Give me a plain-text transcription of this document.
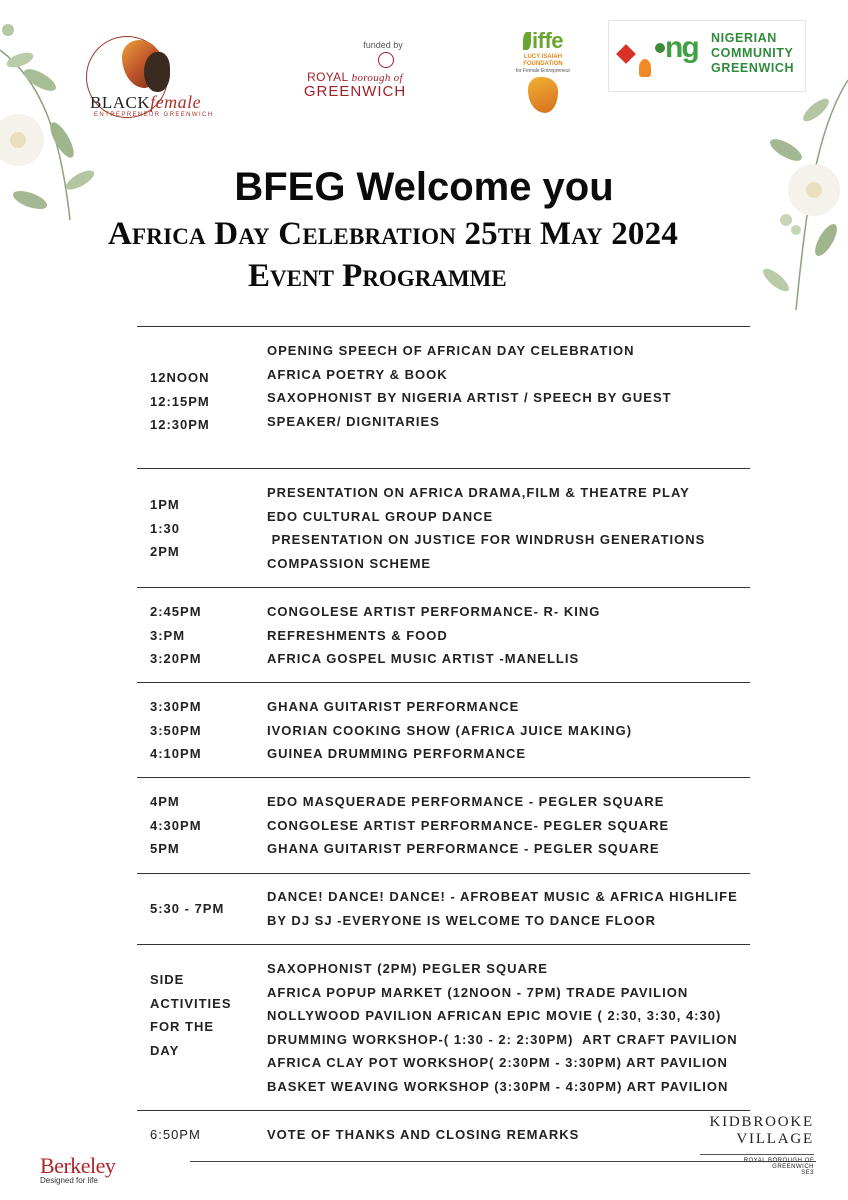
BLACKfemale
ENTREPRENEUR GREENWICH
funded by
ROYAL borough of
GREENWICH
iffe
LUCY ISAIAH FOUNDATION
for Female Entrepreneur
ng NIGERIAN
COMMUNITY
GREENWICH
BFEG Welcome you
Africa Day Celebration 25th May 2024
Event Programme
12NOON
12:15PM
12:30PM
OPENING SPEECH OF AFRICAN DAY CELEBRATION
AFRICA POETRY & BOOK
SAXOPHONIST BY NIGERIA ARTIST / SPEECH BY GUEST
SPEAKER/ DIGNITARIES
1PM
1:30
2PM
PRESENTATION ON AFRICA DRAMA,FILM & THEATRE PLAY
EDO CULTURAL GROUP DANCE
PRESENTATION ON JUSTICE FOR WINDRUSH GENERATIONS
COMPASSION SCHEME
2:45PM
3:PM
3:20PM
CONGOLESE ARTIST PERFORMANCE- R- KING
REFRESHMENTS & FOOD
AFRICA GOSPEL MUSIC ARTIST -MANELLIS
3:30PM
3:50PM
4:10PM
GHANA GUITARIST PERFORMANCE
IVORIAN COOKING SHOW (AFRICA JUICE MAKING)
GUINEA DRUMMING PERFORMANCE
4PM
4:30PM
5PM
EDO MASQUERADE PERFORMANCE - PEGLER SQUARE
CONGOLESE ARTIST PERFORMANCE- PEGLER SQUARE
GHANA GUITARIST PERFORMANCE - PEGLER SQUARE
5:30 - 7PM
DANCE! DANCE! DANCE! - AFROBEAT MUSIC & AFRICA HIGHLIFE
BY DJ SJ -EVERYONE IS WELCOME TO DANCE FLOOR
SIDE
ACTIVITIES
FOR THE
DAY
SAXOPHONIST (2PM) PEGLER SQUARE
AFRICA POPUP MARKET (12NOON - 7PM) TRADE PAVILION
NOLLYWOOD PAVILION AFRICAN EPIC MOVIE ( 2:30, 3:30, 4:30)
DRUMMING WORKSHOP-( 1:30 - 2: 2:30PM)  ART CRAFT PAVILION
AFRICA CLAY POT WORKSHOP( 2:30PM - 3:30PM) ART PAVILION
BASKET WEAVING WORKSHOP (3:30PM - 4:30PM) ART PAVILION
6:50PM	VOTE OF THANKS AND CLOSING REMARKS
Berkeley
Designed for life
KIDBROOKE
VILLAGE
ROYAL BOROUGH OF GREENWICH
SE3
